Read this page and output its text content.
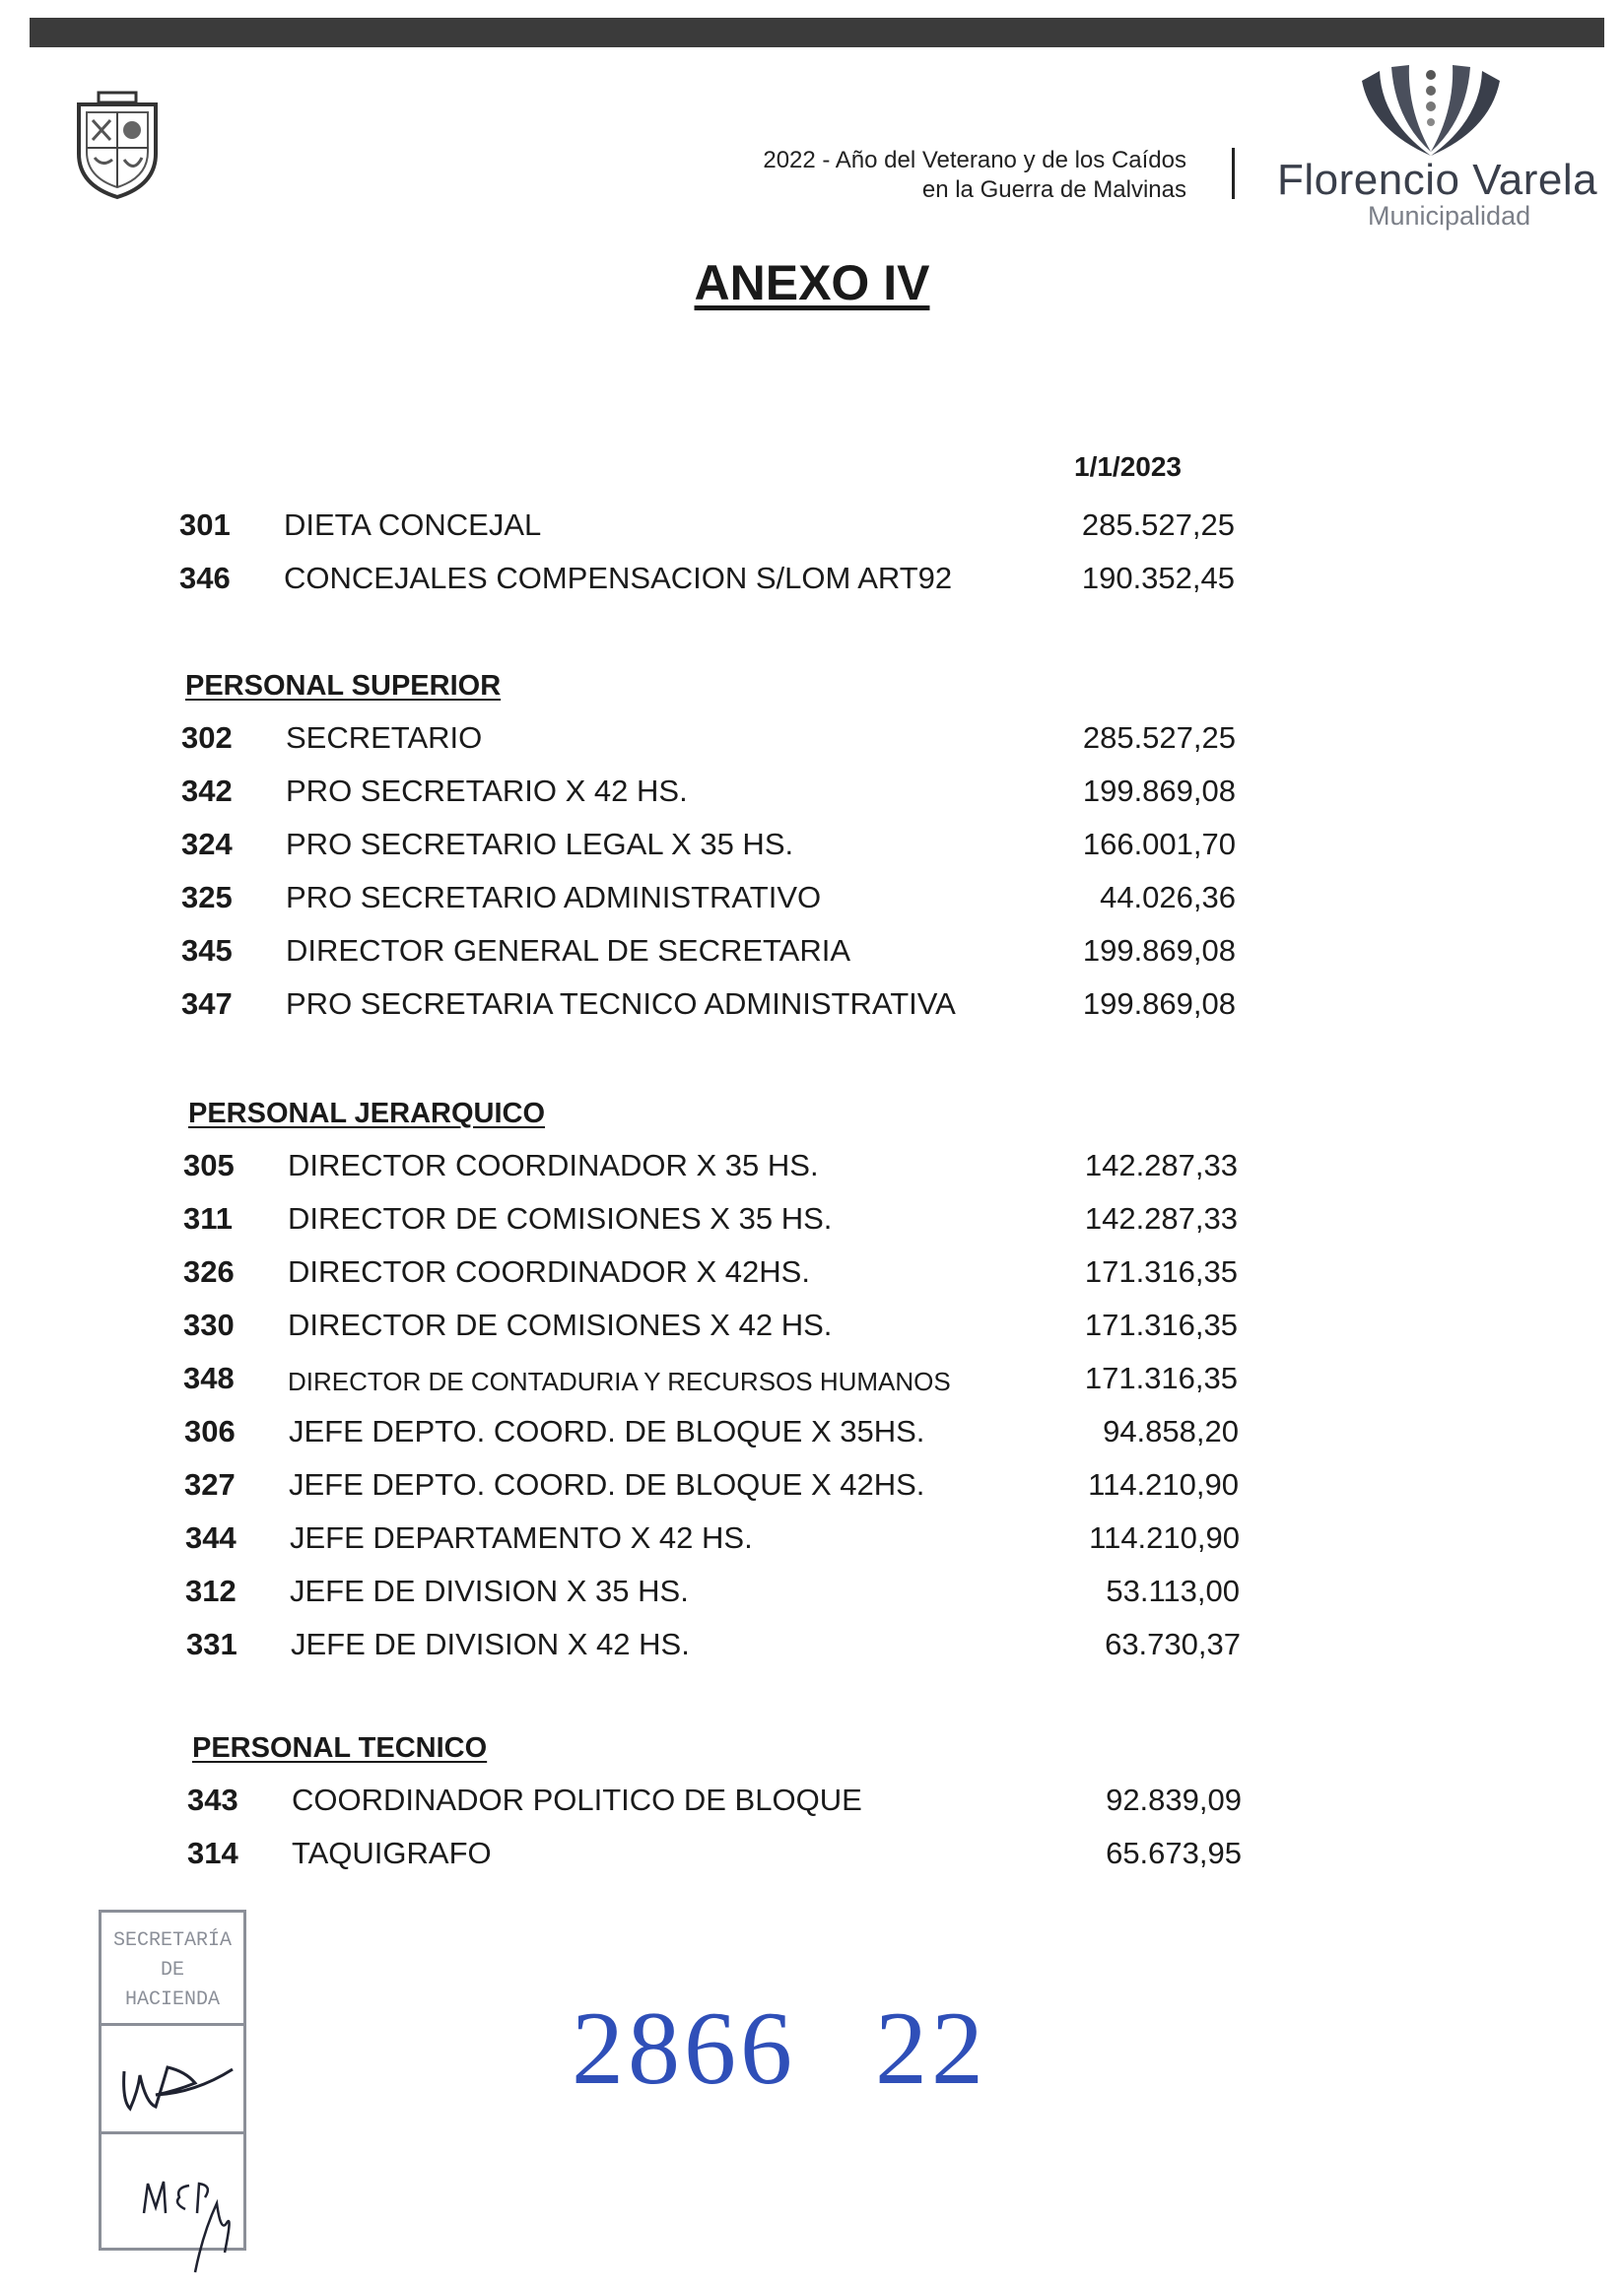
2022 - Año del Veterano y de los Caídos
en la Guerra de Malvinas Florencio Varela
Municipalidad
ANEXO IV
1/1/2023
301 DIETA CONCEJAL	285.527,25
346 CONCEJALES COMPENSACION S/LOM ART92	190.352,45
PERSONAL SUPERIOR
302 SECRETARIO	285.527,25
342 PRO SECRETARIO X 42 HS.	199.869,08
324 PRO SECRETARIO LEGAL X 35 HS.	166.001,70
325 PRO SECRETARIO ADMINISTRATIVO	44.026,36
345 DIRECTOR GENERAL DE SECRETARIA	199.869,08
347 PRO SECRETARIA TECNICO ADMINISTRATIVA	199.869,08
PERSONAL JERARQUICO
305 DIRECTOR COORDINADOR X 35 HS.	142.287,33
311 DIRECTOR DE COMISIONES X 35 HS.	142.287,33
326 DIRECTOR COORDINADOR X 42HS.	171.316,35
330 DIRECTOR DE COMISIONES X 42 HS.	171.316,35
348 DIRECTOR DE CONTADURIA Y RECURSOS HUMANOS	171.316,35
306 JEFE DEPTO. COORD. DE BLOQUE X 35HS.	94.858,20
327 JEFE DEPTO. COORD. DE BLOQUE X 42HS.	114.210,90
344 JEFE DEPARTAMENTO X 42 HS.	114.210,90
312 JEFE DE DIVISION X 35 HS.	53.113,00
331 JEFE DE DIVISION X 42 HS.	63.730,37
PERSONAL TECNICO
343 COORDINADOR POLITICO DE BLOQUE	92.839,09
314 TAQUIGRAFO	65.673,95
SECRETARÍA
DE
HACIENDA	2866 22
